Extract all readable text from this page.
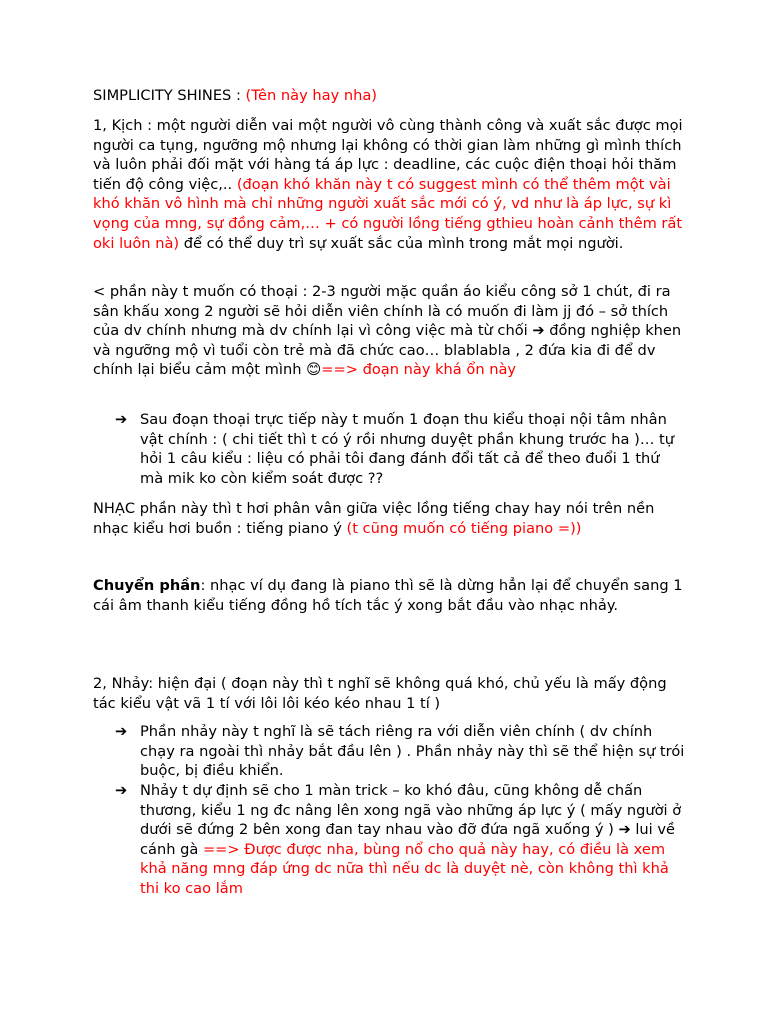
SIMPLICITY SHINES : (Tên này hay nha)

1, Kịch : một người diễn vai một người vô cùng thành công và xuất sắc được mọi người ca tụng, ngưỡng mộ nhưng lại không có thời gian làm những gì mình thích và luôn phải đối mặt với hàng tá áp lực : deadline, các cuộc điện thoại hỏi thăm tiến độ công việc,.. (đoạn khó khăn này t có suggest mình có thể thêm một vài khó khăn vô hình mà chỉ những người xuất sắc mới có ý, vd như là áp lực, sự kì vọng của mng, sự đồng cảm,… + có người lồng tiếng gthieu hoàn cảnh thêm rất oki luôn nà) để có thể duy trì sự xuất sắc của mình trong mắt mọi người.

< phần này t muốn có thoại : 2-3 người mặc quần áo kiểu công sở 1 chút, đi ra sân khấu xong 2 người sẽ hỏi diễn viên chính là có muốn đi làm jj đó – sở thích của dv chính nhưng mà dv chính lại vì công việc mà từ chối ➔ đồng nghiệp khen và ngưỡng mộ vì tuổi còn trẻ mà đã chức cao… blablabla , 2 đứa kia đi để dv chính lại biểu cảm một mình 😊==> đoạn này khá ổn này

➔ Sau đoạn thoại trực tiếp này t muốn 1 đoạn thu kiểu thoại nội tâm nhân vật chính : ( chi tiết thì t có ý rồi nhưng duyệt phần khung trước ha )… tự hỏi 1 câu kiểu : liệu có phải tôi đang đánh đổi tất cả để theo đuổi 1 thứ mà mik ko còn kiểm soát được ??

NHẠC phần này thì t hơi phân vân giữa việc lồng tiếng chay hay nói trên nền nhạc kiểu hơi buồn : tiếng piano ý (t cũng muốn có tiếng piano =))

Chuyển phần: nhạc ví dụ đang là piano thì sẽ là dừng hẳn lại để chuyển sang 1 cái âm thanh kiểu tiếng đồng hồ tích tắc ý xong bắt đầu vào nhạc nhảy.

2, Nhảy: hiện đại ( đoạn này thì t nghĩ sẽ không quá khó, chủ yếu là mấy động tác kiểu vật vã 1 tí với lôi lôi kéo kéo nhau 1 tí )

➔ Phần nhảy này t nghĩ là sẽ tách riêng ra với diễn viên chính ( dv chính chạy ra ngoài thì nhảy bắt đầu lên ) . Phần nhảy này thì sẽ thể hiện sự trói buộc, bị điều khiển.

➔ Nhảy t dự định sẽ cho 1 màn trick – ko khó đâu, cũng không dễ chấn thương, kiểu 1 ng đc nâng lên xong ngã vào những áp lực ý ( mấy người ở dưới sẽ đứng 2 bên xong đan tay nhau vào đỡ đứa ngã xuống ý ) ➔ lui về cánh gà ==> Được được nha, bùng nổ cho quả này hay, có điều là xem khả năng mng đáp ứng dc nữa thì nếu dc là duyệt nè, còn không thì khả thi ko cao lắm
